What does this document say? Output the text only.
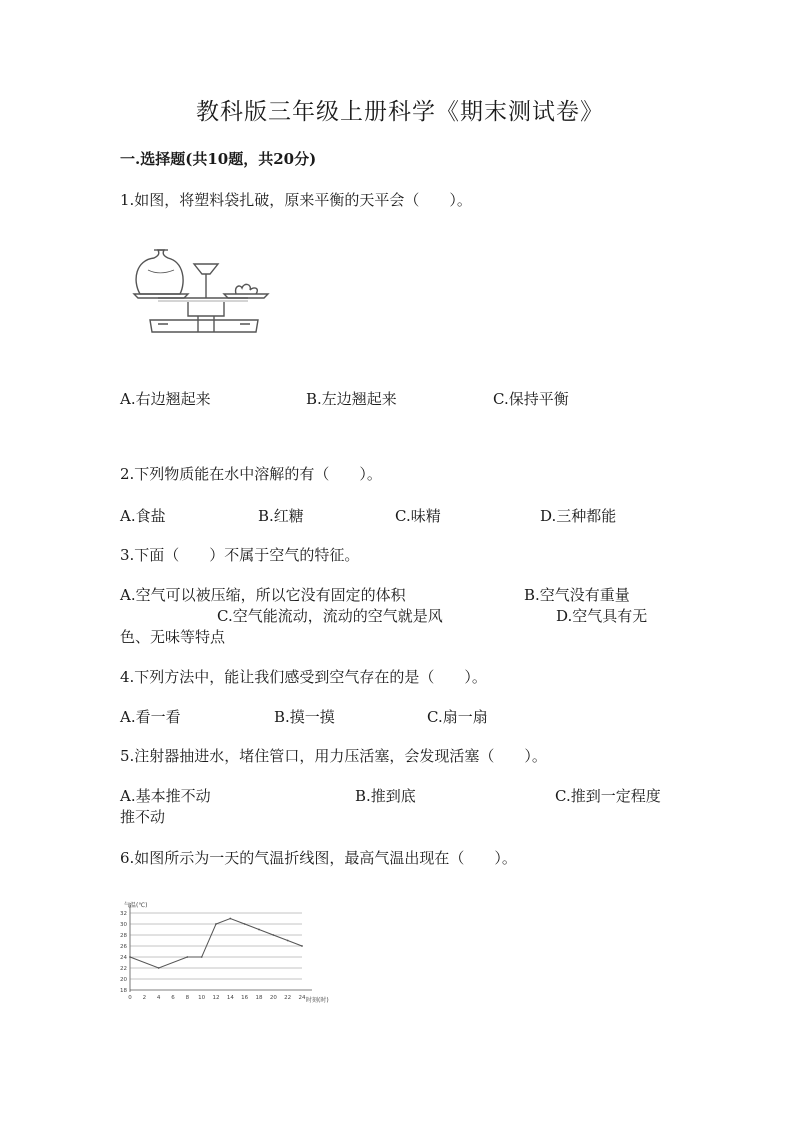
教科版三年级上册科学《期末测试卷》
一.选择题(共10题，共20分)
1.如图，将塑料袋扎破，原来平衡的天平会（　　）。
A.右边翘起来	B.左边翘起来	C.保持平衡
2.下列物质能在水中溶解的有（　　）。
A.食盐	B.红糖	C.味精	D.三种都能
3.下面（　　）不属于空气的特征。
A.空气可以被压缩，所以它没有固定的体积	B.空气没有重量
C.空气能流动，流动的空气就是风	D.空气具有无
色、无味等特点
4.下列方法中，能让我们感受到空气存在的是（　　）。
A.看一看	B.摸一摸	C.扇一扇
5.注射器抽进水，堵住管口，用力压活塞，会发现活塞（　　）。
A.基本推不动	B.推到底	C.推到一定程度
推不动
6.如图所示为一天的气温折线图，最高气温出现在（　　）。
气温(℃)
时刻(时)
18
20
22
24
26
28
30
32
0 2 4 6 8 10 12 14 16 18 20 22 24
